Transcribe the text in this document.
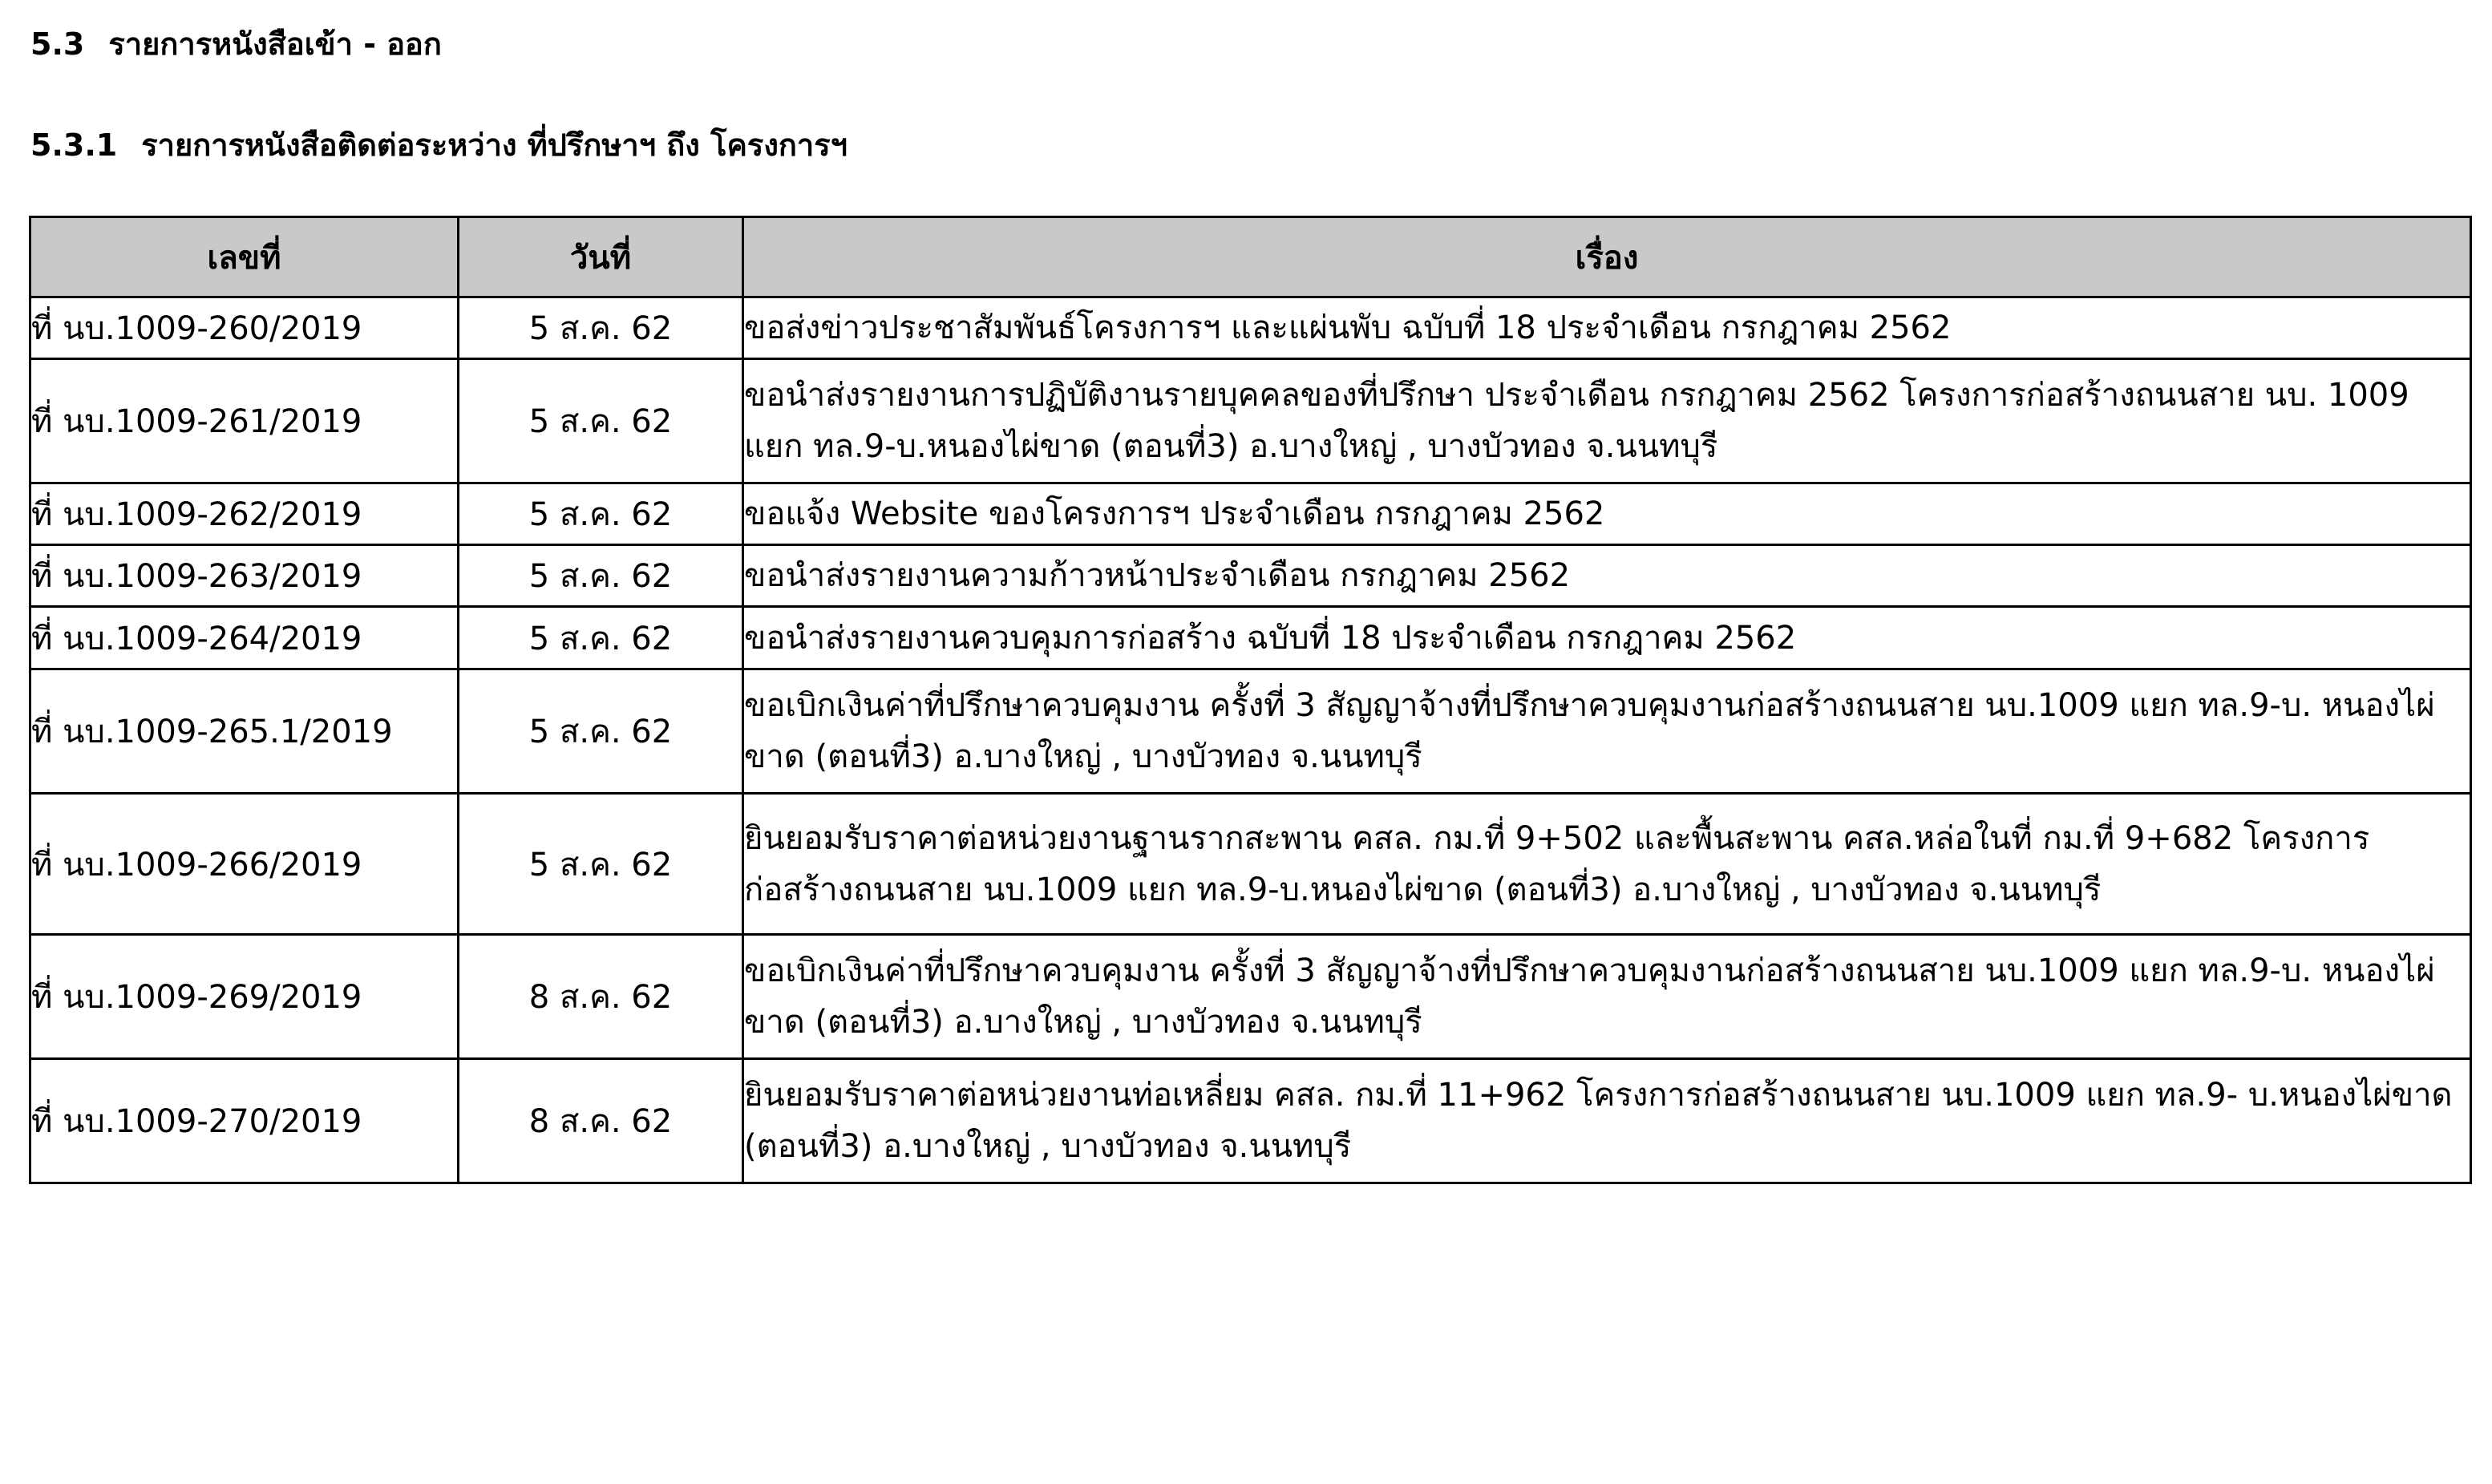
5.3 รายการหนังสือเข้า - ออก
5.3.1 รายการหนังสือติดต่อระหว่าง ที่ปรึกษาฯ ถึง โครงการฯ
เลขที่	วันที่	เรื่อง
ที่ นบ.1009-260/2019	5 ส.ค. 62	ขอส่งข่าวประชาสัมพันธ์โครงการฯ และแผ่นพับ ฉบับที่ 18 ประจำเดือน กรกฎาคม 2562
ที่ นบ.1009-261/2019	5 ส.ค. 62	ขอนำส่งรายงานการปฏิบัติงานรายบุคคลของที่ปรึกษา ประจำเดือน กรกฎาคม 2562 โครงการก่อสร้างถนนสาย นบ. 1009 แยก ทล.9-บ.หนองไผ่ขาด (ตอนที่3) อ.บางใหญ่ , บางบัวทอง จ.นนทบุรี
ที่ นบ.1009-262/2019	5 ส.ค. 62	ขอแจ้ง Website ของโครงการฯ ประจำเดือน กรกฎาคม 2562
ที่ นบ.1009-263/2019	5 ส.ค. 62	ขอนำส่งรายงานความก้าวหน้าประจำเดือน กรกฎาคม 2562
ที่ นบ.1009-264/2019	5 ส.ค. 62	ขอนำส่งรายงานควบคุมการก่อสร้าง ฉบับที่ 18 ประจำเดือน กรกฎาคม 2562
ที่ นบ.1009-265.1/2019	5 ส.ค. 62	ขอเบิกเงินค่าที่ปรึกษาควบคุมงาน ครั้งที่ 3 สัญญาจ้างที่ปรึกษาควบคุมงานก่อสร้างถนนสาย นบ.1009 แยก ทล.9-บ. หนองไผ่ขาด (ตอนที่3) อ.บางใหญ่ , บางบัวทอง จ.นนทบุรี
ที่ นบ.1009-266/2019	5 ส.ค. 62	ยินยอมรับราคาต่อหน่วยงานฐานรากสะพาน คสล. กม.ที่ 9+502 และพื้นสะพาน คสล.หล่อในที่ กม.ที่ 9+682 โครงการ ก่อสร้างถนนสาย นบ.1009 แยก ทล.9-บ.หนองไผ่ขาด (ตอนที่3) อ.บางใหญ่ , บางบัวทอง จ.นนทบุรี
ที่ นบ.1009-269/2019	8 ส.ค. 62	ขอเบิกเงินค่าที่ปรึกษาควบคุมงาน ครั้งที่ 3 สัญญาจ้างที่ปรึกษาควบคุมงานก่อสร้างถนนสาย นบ.1009 แยก ทล.9-บ. หนองไผ่ขาด (ตอนที่3) อ.บางใหญ่ , บางบัวทอง จ.นนทบุรี
ที่ นบ.1009-270/2019	8 ส.ค. 62	ยินยอมรับราคาต่อหน่วยงานท่อเหลี่ยม คสล. กม.ที่ 11+962 โครงการก่อสร้างถนนสาย นบ.1009 แยก ทล.9- บ.หนองไผ่ขาด (ตอนที่3) อ.บางใหญ่ , บางบัวทอง จ.นนทบุรี
